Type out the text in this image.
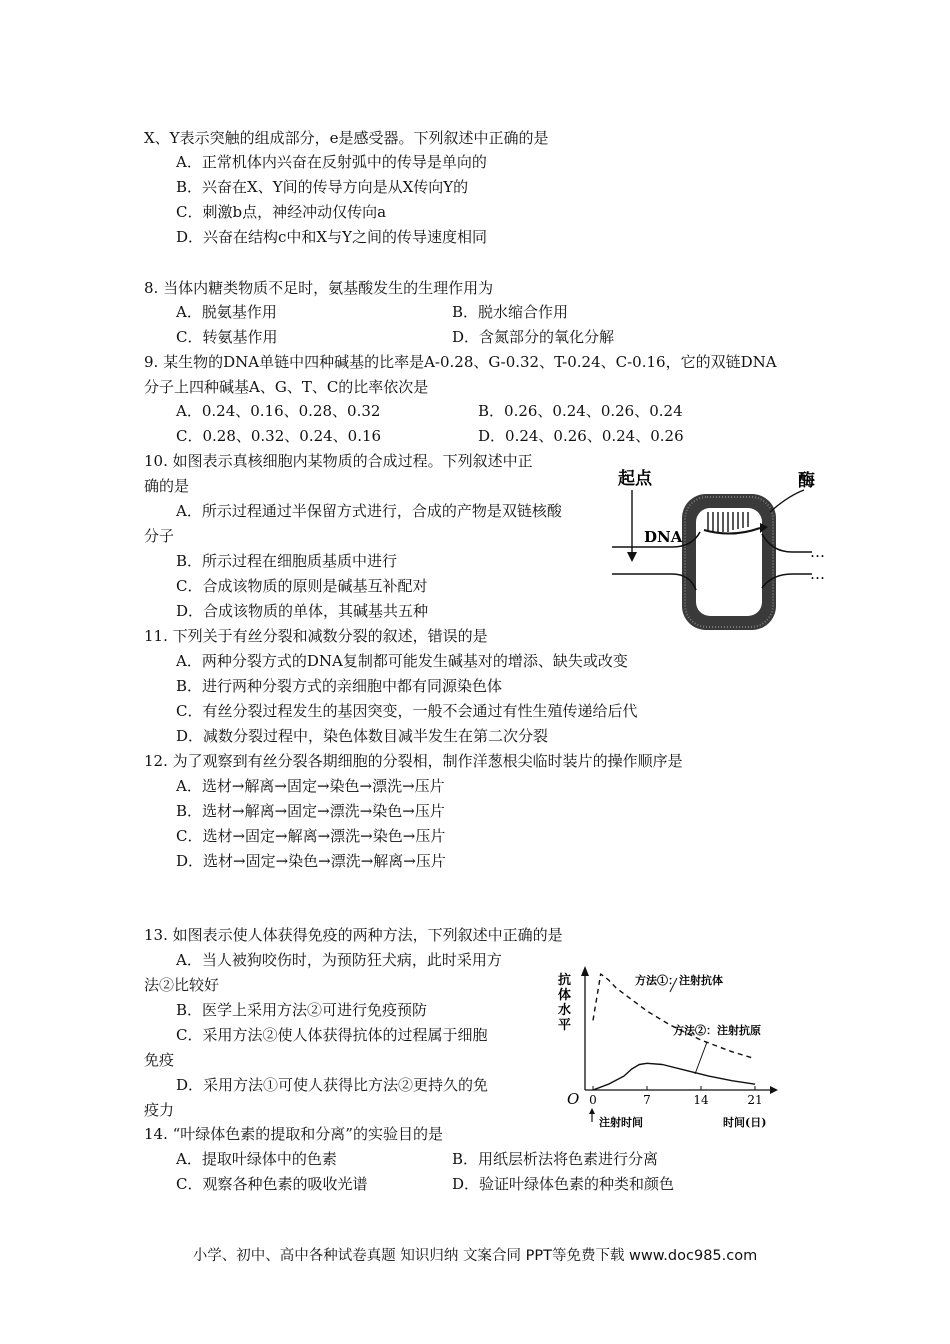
X、Y表示突触的组成部分，e是感受器。下列叙述中正确的是
A．正常机体内兴奋在反射弧中的传导是单向的
B．兴奋在X、Y间的传导方向是从X传向Y的
C．刺激b点，神经冲动仅传向a
D．兴奋在结构c中和X与Y之间的传导速度相同
8. 当体内糖类物质不足时，氨基酸发生的生理作用为
A．脱氨基作用	B．脱水缩合作用
C．转氨基作用	D．含氮部分的氧化分解
9. 某生物的DNA单链中四种碱基的比率是A-0.28、G-0.32、T-0.24、C-0.16，它的双链DNA
分子上四种碱基A、G、T、C的比率依次是
A．0.24、0.16、0.28、0.32	B．0.26、0.24、0.26、0.24
C．0.28、0.32、0.24、0.16	D．0.24、0.26、0.24、0.26
10. 如图表示真核细胞内某物质的合成过程。下列叙述中正
确的是
A．所示过程通过半保留方式进行，合成的产物是双链核酸
分子
B．所示过程在细胞质基质中进行
C．合成该物质的原则是碱基互补配对
D．合成该物质的单体，其碱基共五种
起点	酶
DNA
…
…
11. 下列关于有丝分裂和减数分裂的叙述，错误的是
A．两种分裂方式的DNA复制都可能发生碱基对的增添、缺失或改变
B．进行两种分裂方式的亲细胞中都有同源染色体
C．有丝分裂过程发生的基因突变，一般不会通过有性生殖传递给后代
D．减数分裂过程中，染色体数目减半发生在第二次分裂
12. 为了观察到有丝分裂各期细胞的分裂相，制作洋葱根尖临时装片的操作顺序是
A．选材→解离→固定→染色→漂洗→压片
B．选材→解离→固定→漂洗→染色→压片
C．选材→固定→解离→漂洗→染色→压片
D．选材→固定→染色→漂洗→解离→压片
13. 如图表示使人体获得免疫的两种方法，下列叙述中正确的是
A．当人被狗咬伤时，为预防狂犬病，此时采用方
法②比较好
B．医学上采用方法②可进行免疫预防
C．采用方法②使人体获得抗体的过程属于细胞
免疫
D．采用方法①可使人获得比方法②更持久的免
疫力
抗
体
水
平
O 0	7	14	21
注射时间	时间(日)
方法①：注射抗体
方法②：注射抗原
14. “叶绿体色素的提取和分离”的实验目的是
A．提取叶绿体中的色素	B．用纸层析法将色素进行分离
C．观察各种色素的吸收光谱	D．验证叶绿体色素的种类和颜色
小学、初中、高中各种试卷真题 知识归纳 文案合同 PPT等免费下载 www.doc985.com
